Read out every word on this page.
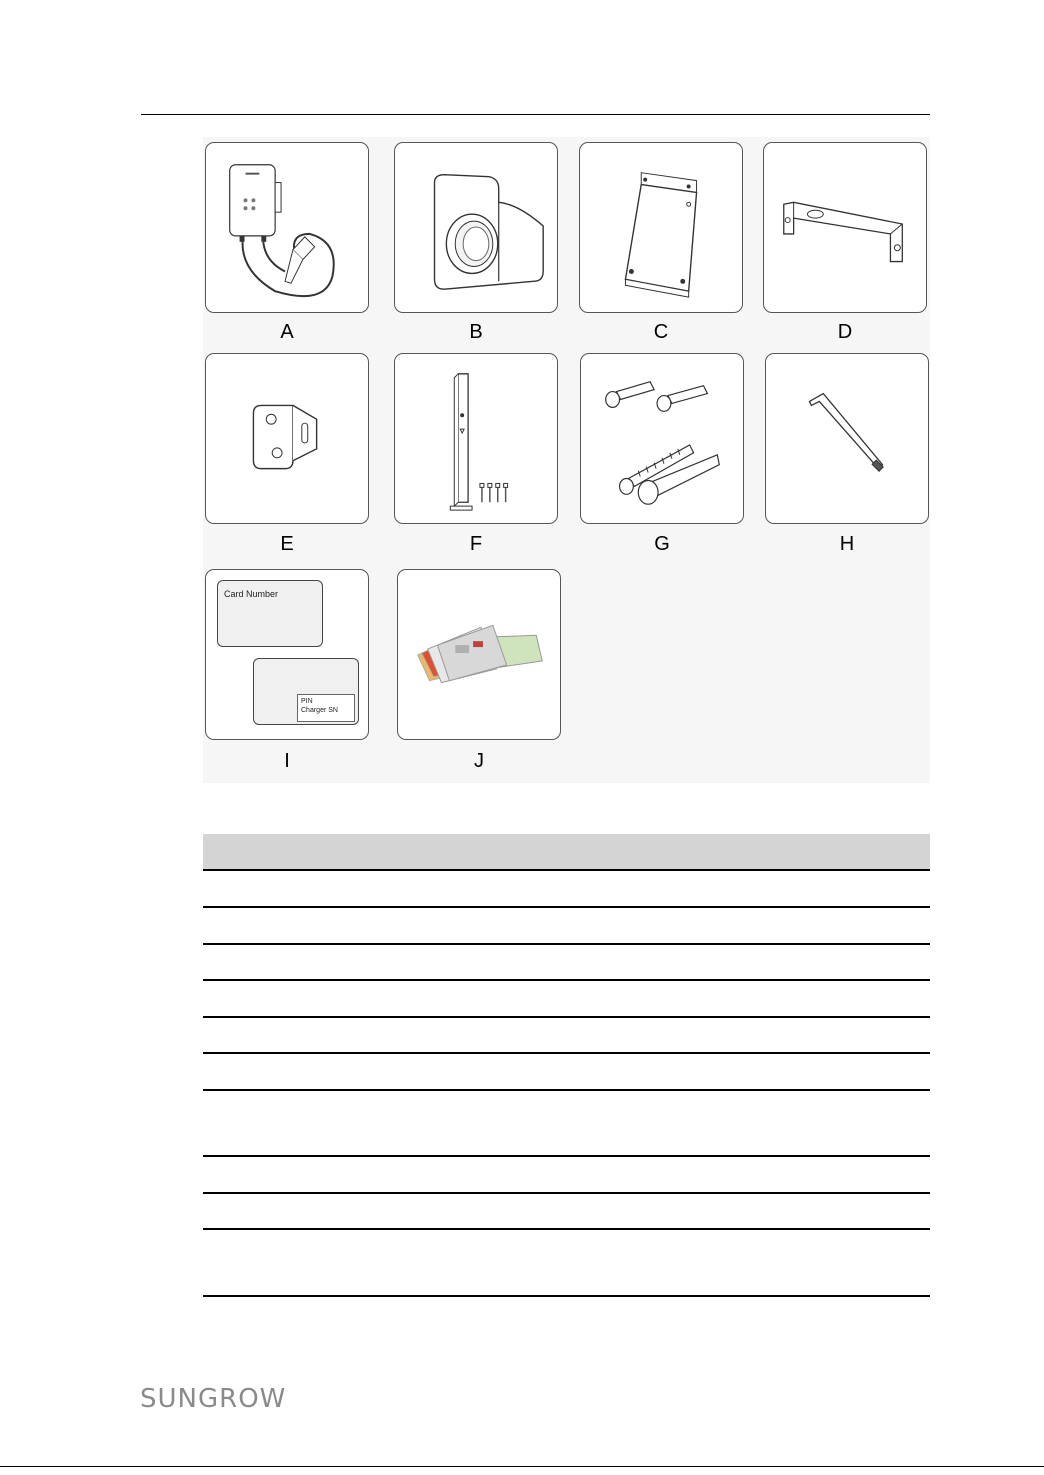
A	B	C	D
E	F	G	H
Card Number
PIN
Charger SN
I	J
SUNGROW
